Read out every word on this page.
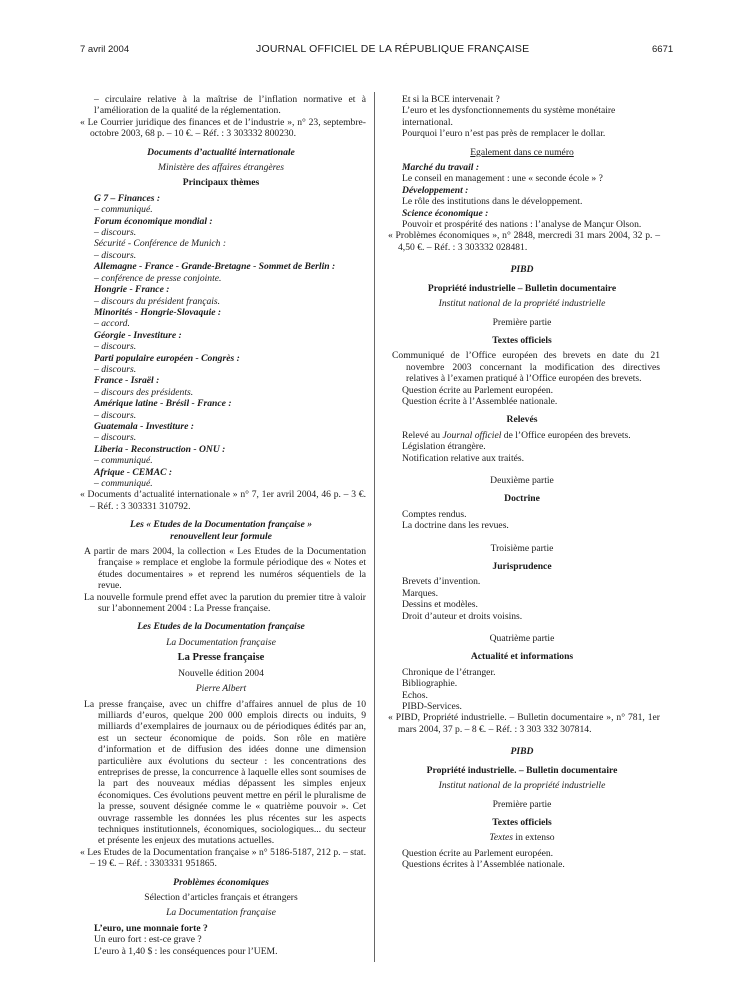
7 avril 2004	JOURNAL OFFICIEL DE LA RÉPUBLIQUE FRANÇAISE	6671

– circulaire relative à la maîtrise de l’inflation normative et à l’amélioration de la qualité de la réglementation.

« Le Courrier juridique des finances et de l’industrie », n° 23, septembre-octobre 2003, 68 p. – 10 €. – Réf. : 3 303332 800230.

Documents d’actualité internationale

Ministère des affaires étrangères

Principaux thèmes

G 7 – Finances :

– communiqué.

Forum économique mondial :

– discours.

Sécurité - Conférence de Munich :

– discours.

Allemagne - France - Grande-Bretagne - Sommet de Berlin :

– conférence de presse conjointe.

Hongrie - France :

– discours du président français.

Minorités - Hongrie-Slovaquie :

– accord.

Géorgie - Investiture :

– discours.

Parti populaire européen - Congrès :

– discours.

France - Israël :

– discours des présidents.

Amérique latine - Brésil - France :

– discours.

Guatemala - Investiture :

– discours.

Liberia - Reconstruction - ONU :

– communiqué.

Afrique - CEMAC :

– communiqué.

« Documents d’actualité internationale » n° 7, 1er avril 2004, 46 p. – 3 €. – Réf. : 3 303331 310792.

Les « Etudes de la Documentation française » renouvellent leur formule

A partir de mars 2004, la collection « Les Etudes de la Documentation française » remplace et englobe la formule périodique des « Notes et études documentaires » et reprend les numéros séquentiels de la revue.

La nouvelle formule prend effet avec la parution du premier titre à valoir sur l’abonnement 2004 : La Presse française.

Les Etudes de la Documentation française

La Documentation française

La Presse française

Nouvelle édition 2004

Pierre Albert

La presse française, avec un chiffre d’affaires annuel de plus de 10 milliards d’euros, quelque 200 000 emplois directs ou induits, 9 milliards d’exemplaires de journaux ou de périodiques édités par an, est un secteur économique de poids. Son rôle en matière d’information et de diffusion des idées donne une dimension particulière aux évolutions du secteur : les concentrations des entreprises de presse, la concurrence à laquelle elles sont soumises de la part des nouveaux médias dépassent les simples enjeux économiques. Ces évolutions peuvent mettre en péril le pluralisme de la presse, souvent désignée comme le « quatrième pouvoir ». Cet ouvrage rassemble les données les plus récentes sur les aspects techniques institutionnels, économiques, sociologiques... du secteur et présente les enjeux des mutations actuelles.

« Les Etudes de la Documentation française » n° 5186-5187, 212 p. – stat. – 19 €. – Réf. : 3303331 951865.

Problèmes économiques

Sélection d’articles français et étrangers

La Documentation française

L’euro, une monnaie forte ?

Un euro fort : est-ce grave ?

L’euro à 1,40 $ : les conséquences pour l’UEM.

Et si la BCE intervenait ?

L’euro et les dysfonctionnements du système monétaire international.

Pourquoi l’euro n’est pas près de remplacer le dollar.

Egalement dans ce numéro

Marché du travail :

Le conseil en management : une « seconde école » ?

Développement :

Le rôle des institutions dans le développement.

Science économique :

Pouvoir et prospérité des nations : l’analyse de Mançur Olson.

« Problèmes économiques », n° 2848, mercredi 31 mars 2004, 32 p. – 4,50 €. – Réf. : 3 303332 028481.

PIBD

Propriété industrielle – Bulletin documentaire

Institut national de la propriété industrielle

Première partie

Textes officiels

Communiqué de l’Office européen des brevets en date du 21 novembre 2003 concernant la modification des directives relatives à l’examen pratiqué à l’Office européen des brevets.

Question écrite au Parlement européen.

Question écrite à l’Assemblée nationale.

Relevés

Relevé au Journal officiel de l’Office européen des brevets.

Législation étrangère.

Notification relative aux traités.

Deuxième partie

Doctrine

Comptes rendus.

La doctrine dans les revues.

Troisième partie

Jurisprudence

Brevets d’invention.

Marques.

Dessins et modèles.

Droit d’auteur et droits voisins.

Quatrième partie

Actualité et informations

Chronique de l’étranger.

Bibliographie.

Echos.

PIBD-Services.

« PIBD, Propriété industrielle. – Bulletin documentaire », n° 781, 1er mars 2004, 37 p. – 8 €. – Réf. : 3 303 332 307814.

PIBD

Propriété industrielle. – Bulletin documentaire

Institut national de la propriété industrielle

Première partie

Textes officiels

Textes in extenso

Question écrite au Parlement européen.

Questions écrites à l’Assemblée nationale.
